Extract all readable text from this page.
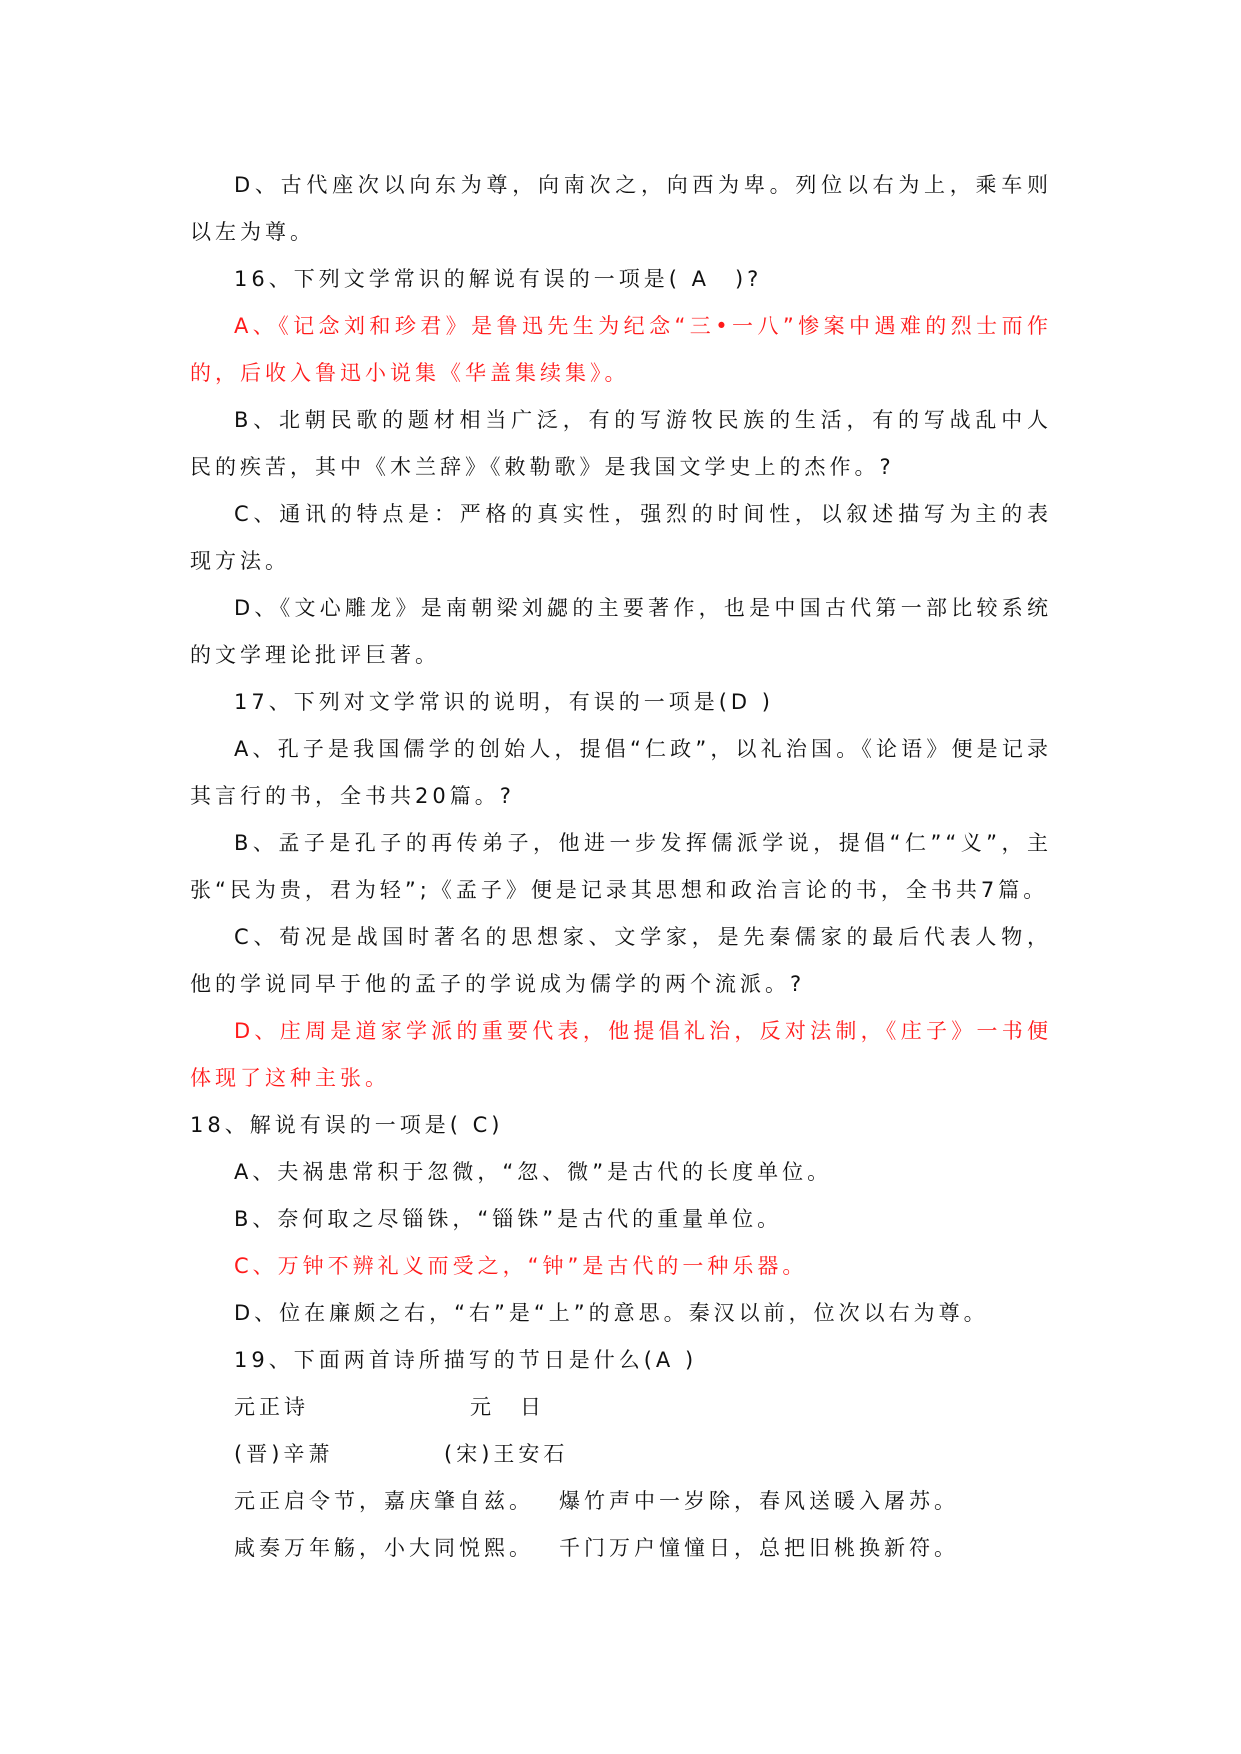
D、古代座次以向东为尊，向南次之，向西为卑。列位以右为上，乘车则以左为尊。

16、下列文学常识的解说有误的一项是( A　)?

A、《记念刘和珍君》是鲁迅先生为纪念“三•一八”惨案中遇难的烈士而作的，后收入鲁迅小说集《华盖集续集》。

B、北朝民歌的题材相当广泛，有的写游牧民族的生活，有的写战乱中人民的疾苦，其中《木兰辞》《敕勒歌》是我国文学史上的杰作。?

C、通讯的特点是：严格的真实性，强烈的时间性，以叙述描写为主的表现方法。

D、《文心雕龙》是南朝梁刘勰的主要著作，也是中国古代第一部比较系统的文学理论批评巨著。

17、下列对文学常识的说明，有误的一项是(D )

A、孔子是我国儒学的创始人，提倡“仁政”，以礼治国。《论语》便是记录其言行的书，全书共20篇。?

B、孟子是孔子的再传弟子，他进一步发挥儒派学说，提倡“仁”“义”，主张“民为贵，君为轻”;《孟子》便是记录其思想和政治言论的书，全书共7篇。

C、荀况是战国时著名的思想家、文学家，是先秦儒家的最后代表人物，他的学说同早于他的孟子的学说成为儒学的两个流派。?

D、庄周是道家学派的重要代表，他提倡礼治，反对法制，《庄子》一书便体现了这种主张。

18、解说有误的一项是( C)

A、夫祸患常积于忽微，“忽、微”是古代的长度单位。

B、奈何取之尽锱铢，“锱铢”是古代的重量单位。

C、万钟不辨礼义而受之，“钟”是古代的一种乐器。

D、位在廉颇之右，“右”是“上”的意思。秦汉以前，位次以右为尊。

19、下面两首诗所描写的节日是什么(A )

元正诗	元　日
(晋)辛萧	(宋)王安石
元正启令节，嘉庆肇自兹。　 爆竹声中一岁除，春风送暖入屠苏。
咸奏万年觞，小大同悦熙。　 千门万户憧憧日，总把旧桃换新符。
